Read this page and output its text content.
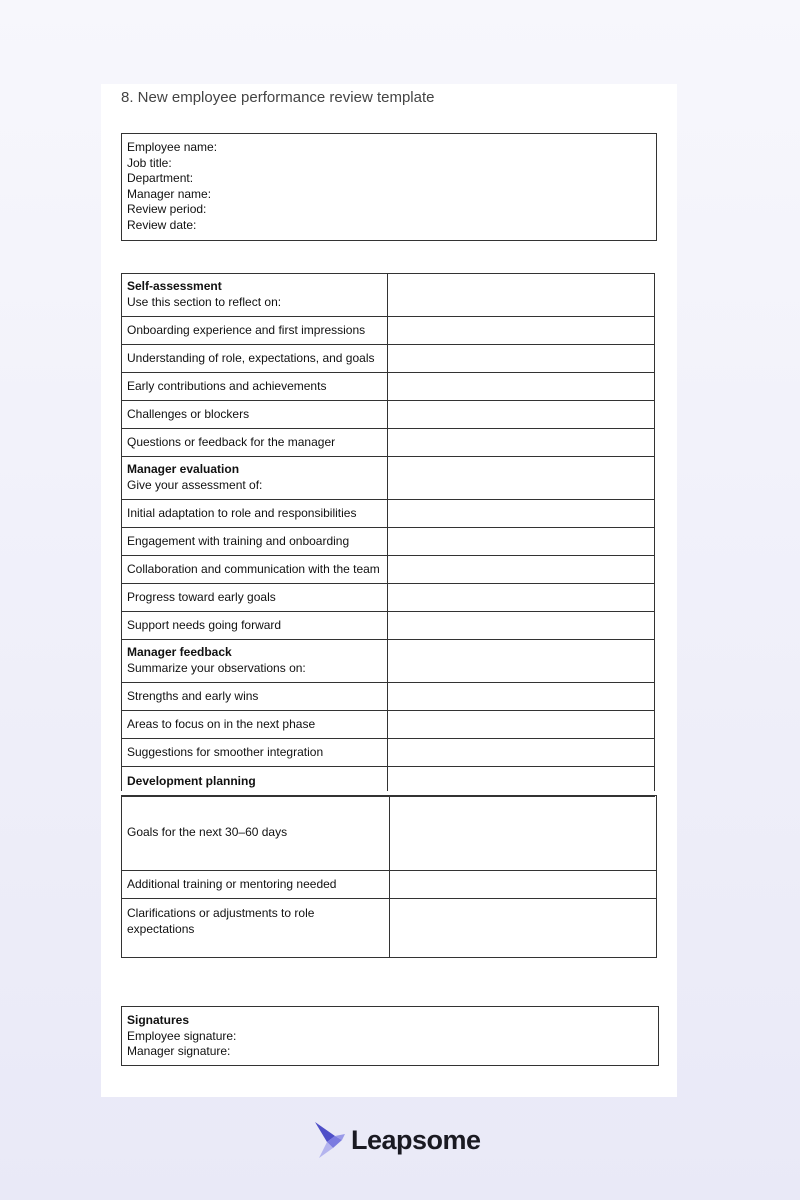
8. New employee performance review template
Employee name:
Job title:
Department:
Manager name:
Review period:
Review date:
Self-assessment
Use this section to reflect on:	
Onboarding experience and first impressions	
Understanding of role, expectations, and goals	
Early contributions and achievements	
Challenges or blockers	
Questions or feedback for the manager	
Manager evaluation
Give your assessment of:	
Initial adaptation to role and responsibilities	
Engagement with training and onboarding	
Collaboration and communication with the team	
Progress toward early goals	
Support needs going forward	
Manager feedback
Summarize your observations on:	
Strengths and early wins	
Areas to focus on in the next phase	
Suggestions for smoother integration	
Development planning	
Goals for the next 30–60 days	
Additional training or mentoring needed	
Clarifications or adjustments to role expectations	
Signatures
Employee signature:
Manager signature:
Leapsome
